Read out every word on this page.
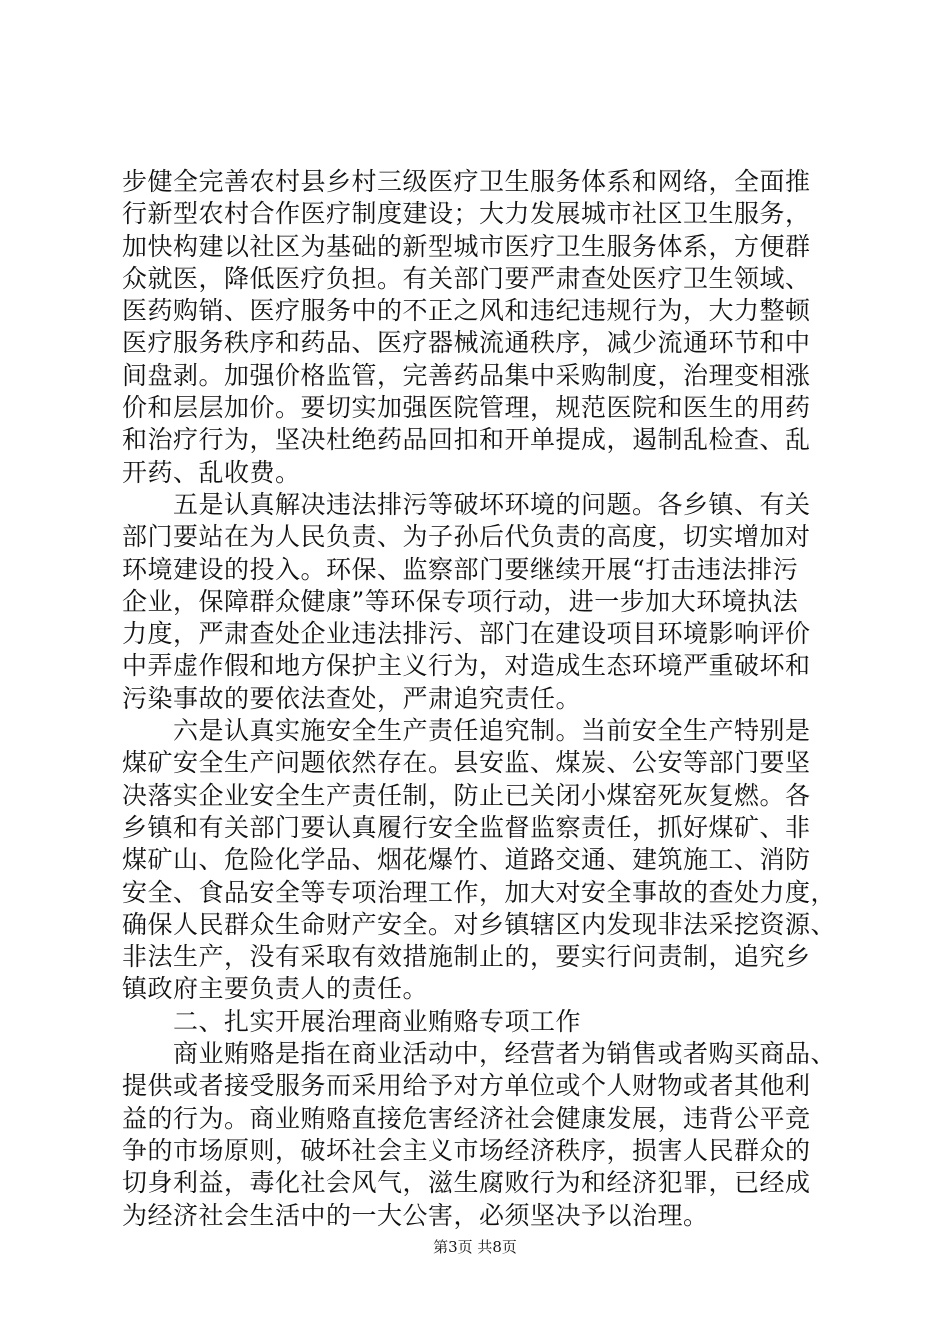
步健全完善农村县乡村三级医疗卫生服务体系和网络，全面推
行新型农村合作医疗制度建设；大力发展城市社区卫生服务，
加快构建以社区为基础的新型城市医疗卫生服务体系，方便群
众就医，降低医疗负担。有关部门要严肃查处医疗卫生领域、
医药购销、医疗服务中的不正之风和违纪违规行为，大力整顿
医疗服务秩序和药品、医疗器械流通秩序，减少流通环节和中
间盘剥。加强价格监管，完善药品集中采购制度，治理变相涨
价和层层加价。要切实加强医院管理，规范医院和医生的用药
和治疗行为，坚决杜绝药品回扣和开单提成，遏制乱检查、乱
开药、乱收费。
　　五是认真解决违法排污等破坏环境的问题。各乡镇、有关
部门要站在为人民负责、为子孙后代负责的高度，切实增加对
环境建设的投入。环保、监察部门要继续开展“打击违法排污
企业，保障群众健康”等环保专项行动，进一步加大环境执法
力度，严肃查处企业违法排污、部门在建设项目环境影响评价
中弄虚作假和地方保护主义行为，对造成生态环境严重破坏和
污染事故的要依法查处，严肃追究责任。
　　六是认真实施安全生产责任追究制。当前安全生产特别是
煤矿安全生产问题依然存在。县安监、煤炭、公安等部门要坚
决落实企业安全生产责任制，防止已关闭小煤窑死灰复燃。各
乡镇和有关部门要认真履行安全监督监察责任，抓好煤矿、非
煤矿山、危险化学品、烟花爆竹、道路交通、建筑施工、消防
安全、食品安全等专项治理工作，加大对安全事故的查处力度，
确保人民群众生命财产安全。对乡镇辖区内发现非法采挖资源、
非法生产，没有采取有效措施制止的，要实行问责制，追究乡
镇政府主要负责人的责任。
　　二、扎实开展治理商业贿赂专项工作
　　商业贿赂是指在商业活动中，经营者为销售或者购买商品、
提供或者接受服务而采用给予对方单位或个人财物或者其他利
益的行为。商业贿赂直接危害经济社会健康发展，违背公平竞
争的市场原则，破坏社会主义市场经济秩序，损害人民群众的
切身利益，毒化社会风气，滋生腐败行为和经济犯罪，已经成
为经济社会生活中的一大公害，必须坚决予以治理。
第3页 共8页
